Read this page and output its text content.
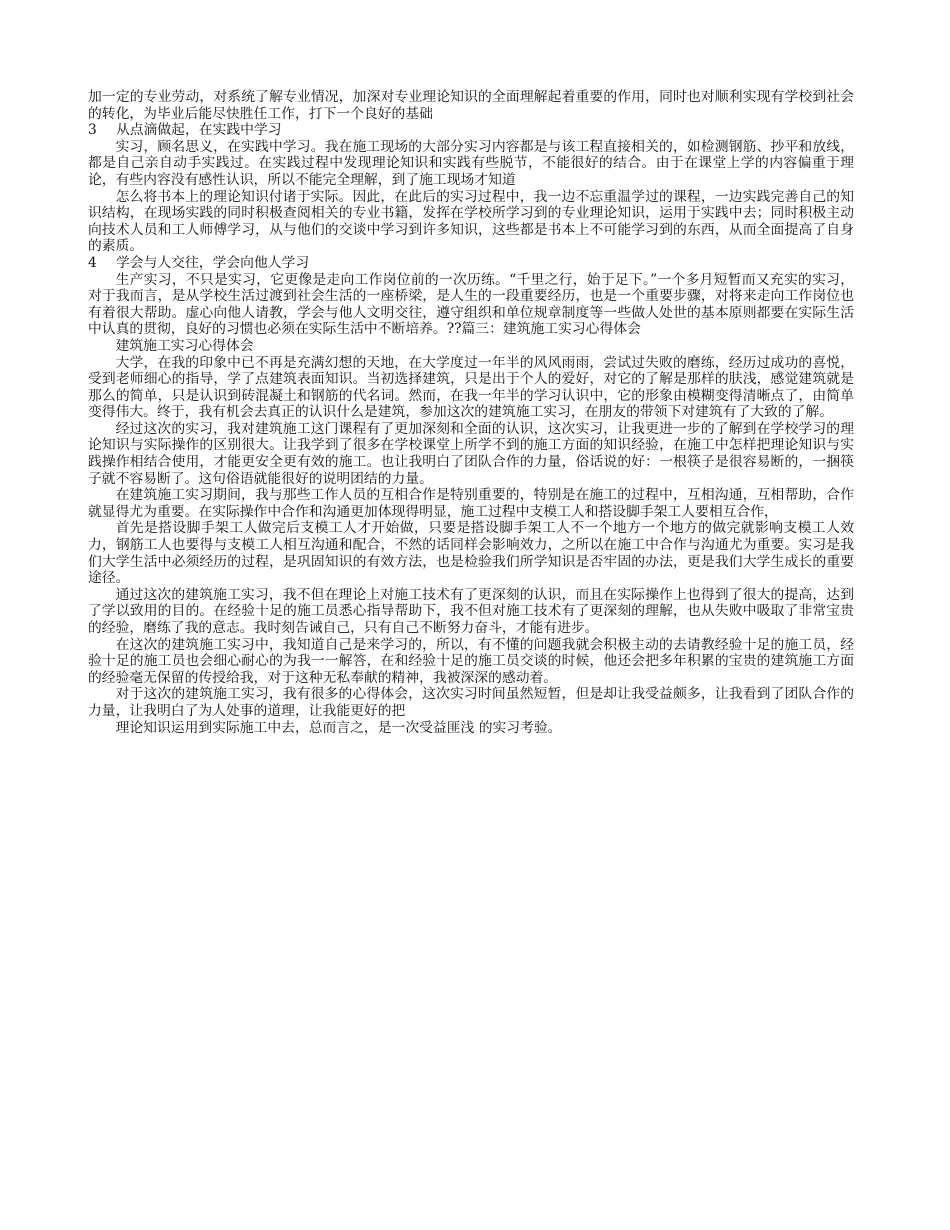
加一定的专业劳动，对系统了解专业情况，加深对专业理论知识的全面理解起着重要的作用，同时也对顺利实现有学校到社会的转化，为毕业后能尽快胜任工作，打下一个良好的基础

3 从点滴做起，在实践中学习

实习，顾名思义，在实践中学习。我在施工现场的大部分实习内容都是与该工程直接相关的，如检测钢筋、抄平和放线，都是自己亲自动手实践过。在实践过程中发现理论知识和实践有些脱节，不能很好的结合。由于在课堂上学的内容偏重于理论，有些内容没有感性认识，所以不能完全理解，到了施工现场才知道

怎么将书本上的理论知识付诸于实际。因此，在此后的实习过程中，我一边不忘重温学过的课程，一边实践完善自己的知识结构，在现场实践的同时积极查阅相关的专业书籍，发挥在学校所学习到的专业理论知识，运用于实践中去；同时积极主动向技术人员和工人师傅学习，从与他们的交谈中学习到许多知识，这些都是书本上不可能学习到的东西，从而全面提高了自身的素质。

4 学会与人交往，学会向他人学习

生产实习，不只是实习，它更像是走向工作岗位前的一次历练。“千里之行，始于足下。”一个多月短暂而又充实的实习，对于我而言，是从学校生活过渡到社会生活的一座桥梁，是人生的一段重要经历，也是一个重要步骤，对将来走向工作岗位也有着很大帮助。虚心向他人请教，学会与他人文明交往，遵守组织和单位规章制度等一些做人处世的基本原则都要在实际生活中认真的贯彻，良好的习惯也必须在实际生活中不断培养。??篇三：建筑施工实习心得体会

建筑施工实习心得体会

大学，在我的印象中已不再是充满幻想的天地，在大学度过一年半的风风雨雨，尝试过失败的磨练，经历过成功的喜悦，受到老师细心的指导，学了点建筑表面知识。当初选择建筑，只是出于个人的爱好，对它的了解是那样的肤浅，感觉建筑就是那么的简单，只是认识到砖混凝土和钢筋的代名词。然而，在我一年半的学习认识中，它的形象由模糊变得清晰点了，由简单变得伟大。终于，我有机会去真正的认识什么是建筑，参加这次的建筑施工实习，在朋友的带领下对建筑有了大致的了解。

经过这次的实习，我对建筑施工这门课程有了更加深刻和全面的认识，这次实习，让我更进一步的了解到在学校学习的理论知识与实际操作的区别很大。让我学到了很多在学校课堂上所学不到的施工方面的知识经验，在施工中怎样把理论知识与实践操作相结合使用，才能更安全更有效的施工。也让我明白了团队合作的力量，俗话说的好：一根筷子是很容易断的，一捆筷子就不容易断了。这句俗语就能很好的说明团结的力量。

在建筑施工实习期间，我与那些工作人员的互相合作是特别重要的，特别是在施工的过程中，互相沟通，互相帮助，合作就显得尤为重要。在实际操作中合作和沟通更加体现得明显，施工过程中支模工人和搭设脚手架工人要相互合作，

首先是搭设脚手架工人做完后支模工人才开始做，只要是搭设脚手架工人不一个地方一个地方的做完就影响支模工人效力，钢筋工人也要得与支模工人相互沟通和配合，不然的话同样会影响效力，之所以在施工中合作与沟通尤为重要。实习是我们大学生活中必须经历的过程，是巩固知识的有效方法，也是检验我们所学知识是否牢固的办法，更是我们大学生成长的重要途径。

通过这次的建筑施工实习，我不但在理论上对施工技术有了更深刻的认识，而且在实际操作上也得到了很大的提高，达到了学以致用的目的。在经验十足的施工员悉心指导帮助下，我不但对施工技术有了更深刻的理解，也从失败中吸取了非常宝贵的经验，磨练了我的意志。我时刻告诫自己，只有自己不断努力奋斗，才能有进步。

在这次的建筑施工实习中，我知道自己是来学习的，所以，有不懂的问题我就会积极主动的去请教经验十足的施工员，经验十足的施工员也会细心耐心的为我一一解答，在和经验十足的施工员交谈的时候，他还会把多年积累的宝贵的建筑施工方面的经验毫无保留的传授给我，对于这种无私奉献的精神，我被深深的感动着。

对于这次的建筑施工实习，我有很多的心得体会，这次实习时间虽然短暂，但是却让我受益颇多，让我看到了团队合作的力量，让我明白了为人处事的道理，让我能更好的把

理论知识运用到实际施工中去，总而言之，是一次受益匪浅 的实习考验。
